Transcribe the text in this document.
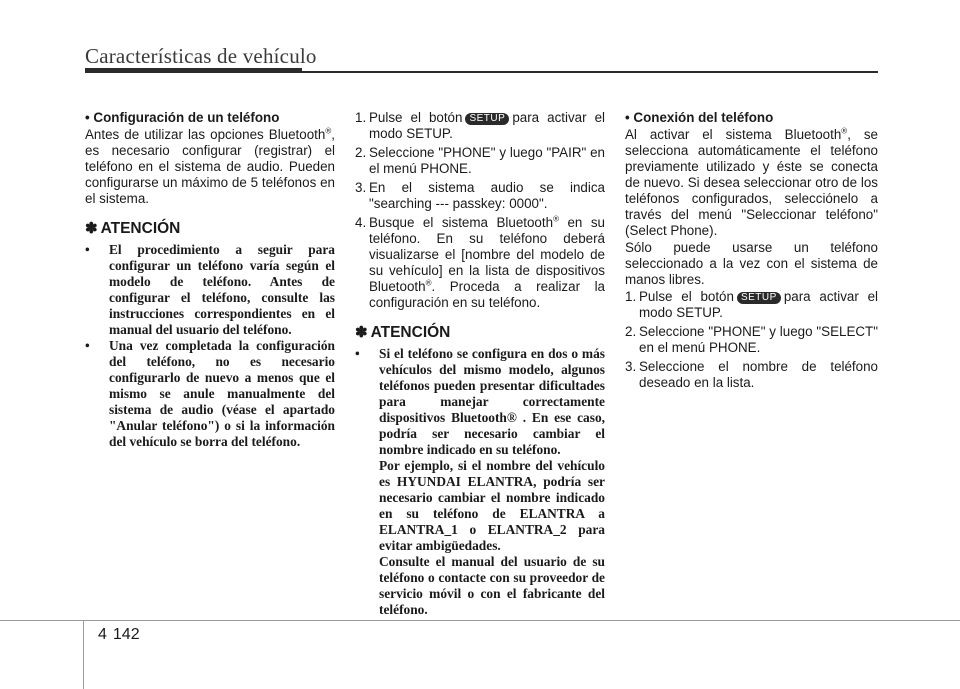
Características de vehículo
• Configuración de un teléfono
Antes de utilizar las opciones Bluetooth®, es necesario configurar (registrar) el teléfono en el sistema de audio. Pueden configurarse un máximo de 5 teléfonos en el sistema.
✽ ATENCIÓN
• El procedimiento a seguir para configurar un teléfono varía según el modelo de teléfono. Antes de configurar el teléfono, consulte las instrucciones correspondientes en el manual del usuario del teléfono.
• Una vez completada la configuración del teléfono, no es necesario configurarlo de nuevo a menos que el mismo se anule manualmente del sistema de audio (véase el apartado "Anular teléfono") o si la información del vehículo se borra del teléfono.
1. Pulse el botón SETUP para activar el modo SETUP.
2. Seleccione "PHONE" y luego "PAIR" en el menú PHONE.
3. En el sistema audio se indica "searching --- passkey: 0000".
4. Busque el sistema Bluetooth® en su teléfono. En su teléfono deberá visualizarse el [nombre del modelo de su vehículo] en la lista de dispositivos Bluetooth®. Proceda a realizar la configuración en su teléfono.
✽ ATENCIÓN
• Si el teléfono se configura en dos o más vehículos del mismo modelo, algunos teléfonos pueden presentar dificultades para manejar correctamente dispositivos Bluetooth® . En ese caso, podría ser necesario cambiar el nombre indicado en su teléfono.
Por ejemplo, si el nombre del vehículo es HYUNDAI ELANTRA, podría ser necesario cambiar el nombre indicado en su teléfono de ELANTRA a ELANTRA_1 o ELANTRA_2 para evitar ambigüedades.
Consulte el manual del usuario de su teléfono o contacte con su proveedor de servicio móvil o con el fabricante del teléfono.
• Conexión del teléfono
Al activar el sistema Bluetooth®, se selecciona automáticamente el teléfono previamente utilizado y éste se conecta de nuevo. Si desea seleccionar otro de los teléfonos configurados, selecciónelo a través del menú "Seleccionar teléfono" (Select Phone).
Sólo puede usarse un teléfono seleccionado a la vez con el sistema de manos libres.
1. Pulse el botón SETUP para activar el modo SETUP.
2. Seleccione "PHONE" y luego "SELECT" en el menú PHONE.
3. Seleccione el nombre de teléfono deseado en la lista.
4 142
